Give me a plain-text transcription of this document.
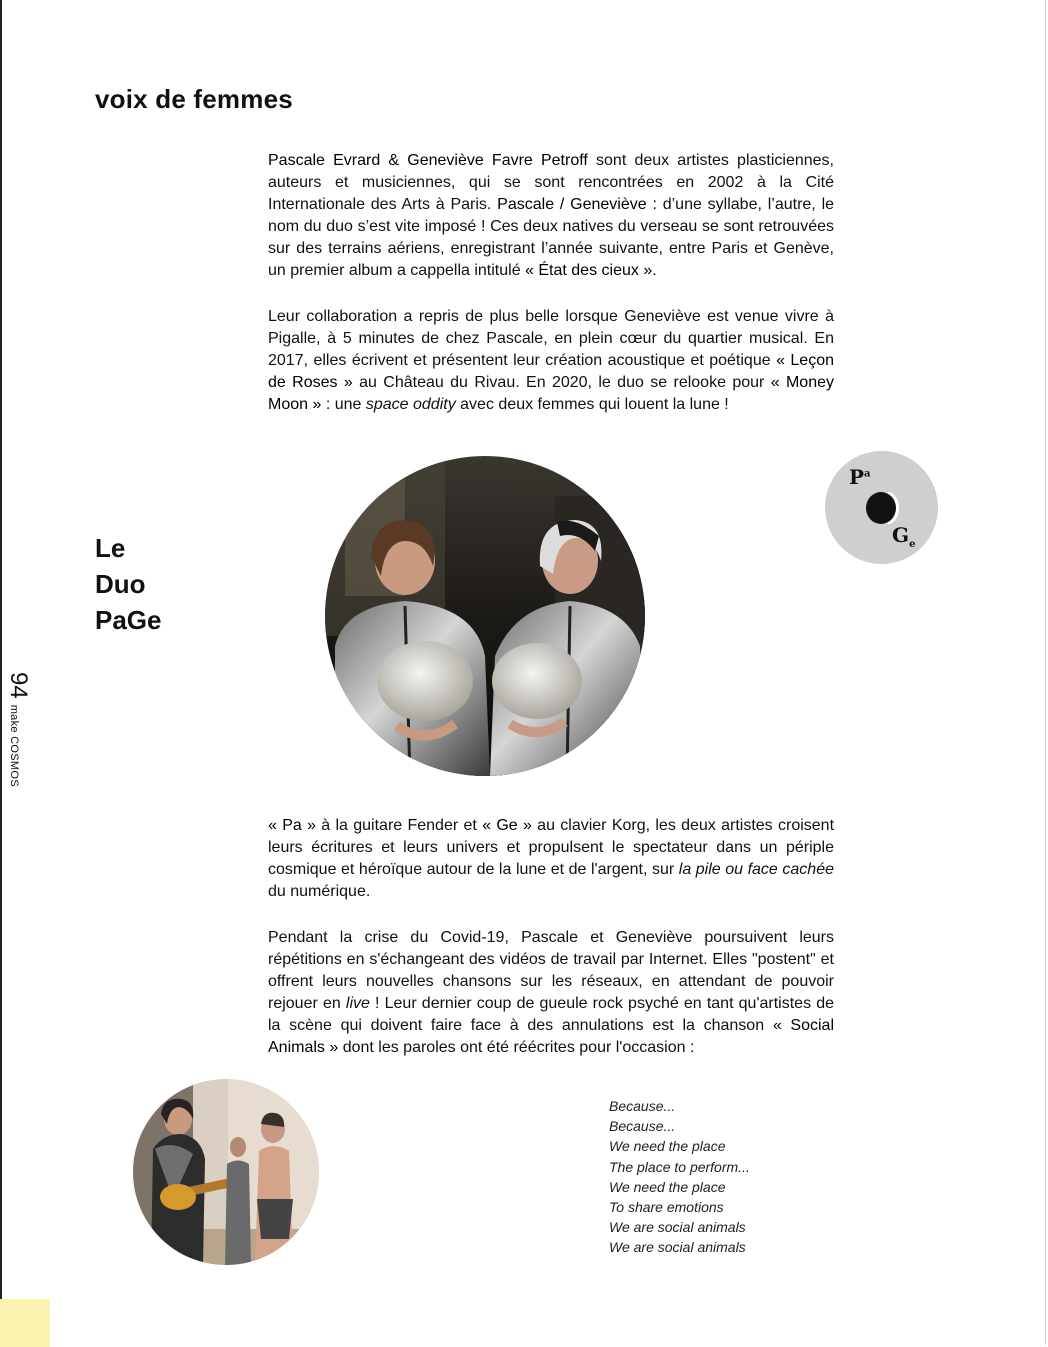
voix de femmes

Pascale Evrard & Geneviève Favre Petroff sont deux artistes plasticiennes, auteurs et musiciennes, qui se sont rencontrées en 2002 à la Cité Internationale des Arts à Paris. Pascale / Geneviève : d’une syllabe, l’autre, le nom du duo s’est vite imposé ! Ces deux natives du verseau se sont retrouvées sur des terrains aériens, enregistrant l’année suivante, entre Paris et Genève, un premier album a cappella intitulé « État des cieux ».

Leur collaboration a repris de plus belle lorsque Geneviève est venue vivre à Pigalle, à 5 minutes de chez Pascale, en plein cœur du quartier musical. En 2017, elles écrivent et présentent leur création acoustique et poétique « Leçon de Roses » au Château du Rivau. En 2020, le duo se relooke pour « Money Moon » : une space oddity avec deux femmes qui louent la lune !

Le
Duo
PaGe
94make COSMOS
$P^a$
$G_e$

« Pa » à la guitare Fender et « Ge » au clavier Korg, les deux artistes croisent leurs écritures et leurs univers et propulsent le spectateur dans un périple cosmique et héroïque autour de la lune et de l'argent, sur la pile ou face cachée du numérique.

Pendant la crise du Covid-19, Pascale et Geneviève poursuivent leurs répétitions en s'échangeant des vidéos de travail par Internet. Elles "postent" et offrent leurs nouvelles chansons sur les réseaux, en attendant de pouvoir rejouer en live ! Leur dernier coup de gueule rock psyché en tant qu'artistes de la scène qui doivent faire face à des annulations est la chanson « Social Animals » dont les paroles ont été réécrites pour l'occasion :

Because...
Because...
We need the place
The place to perform...
We need the place
To share emotions
We are social animals
We are social animals
